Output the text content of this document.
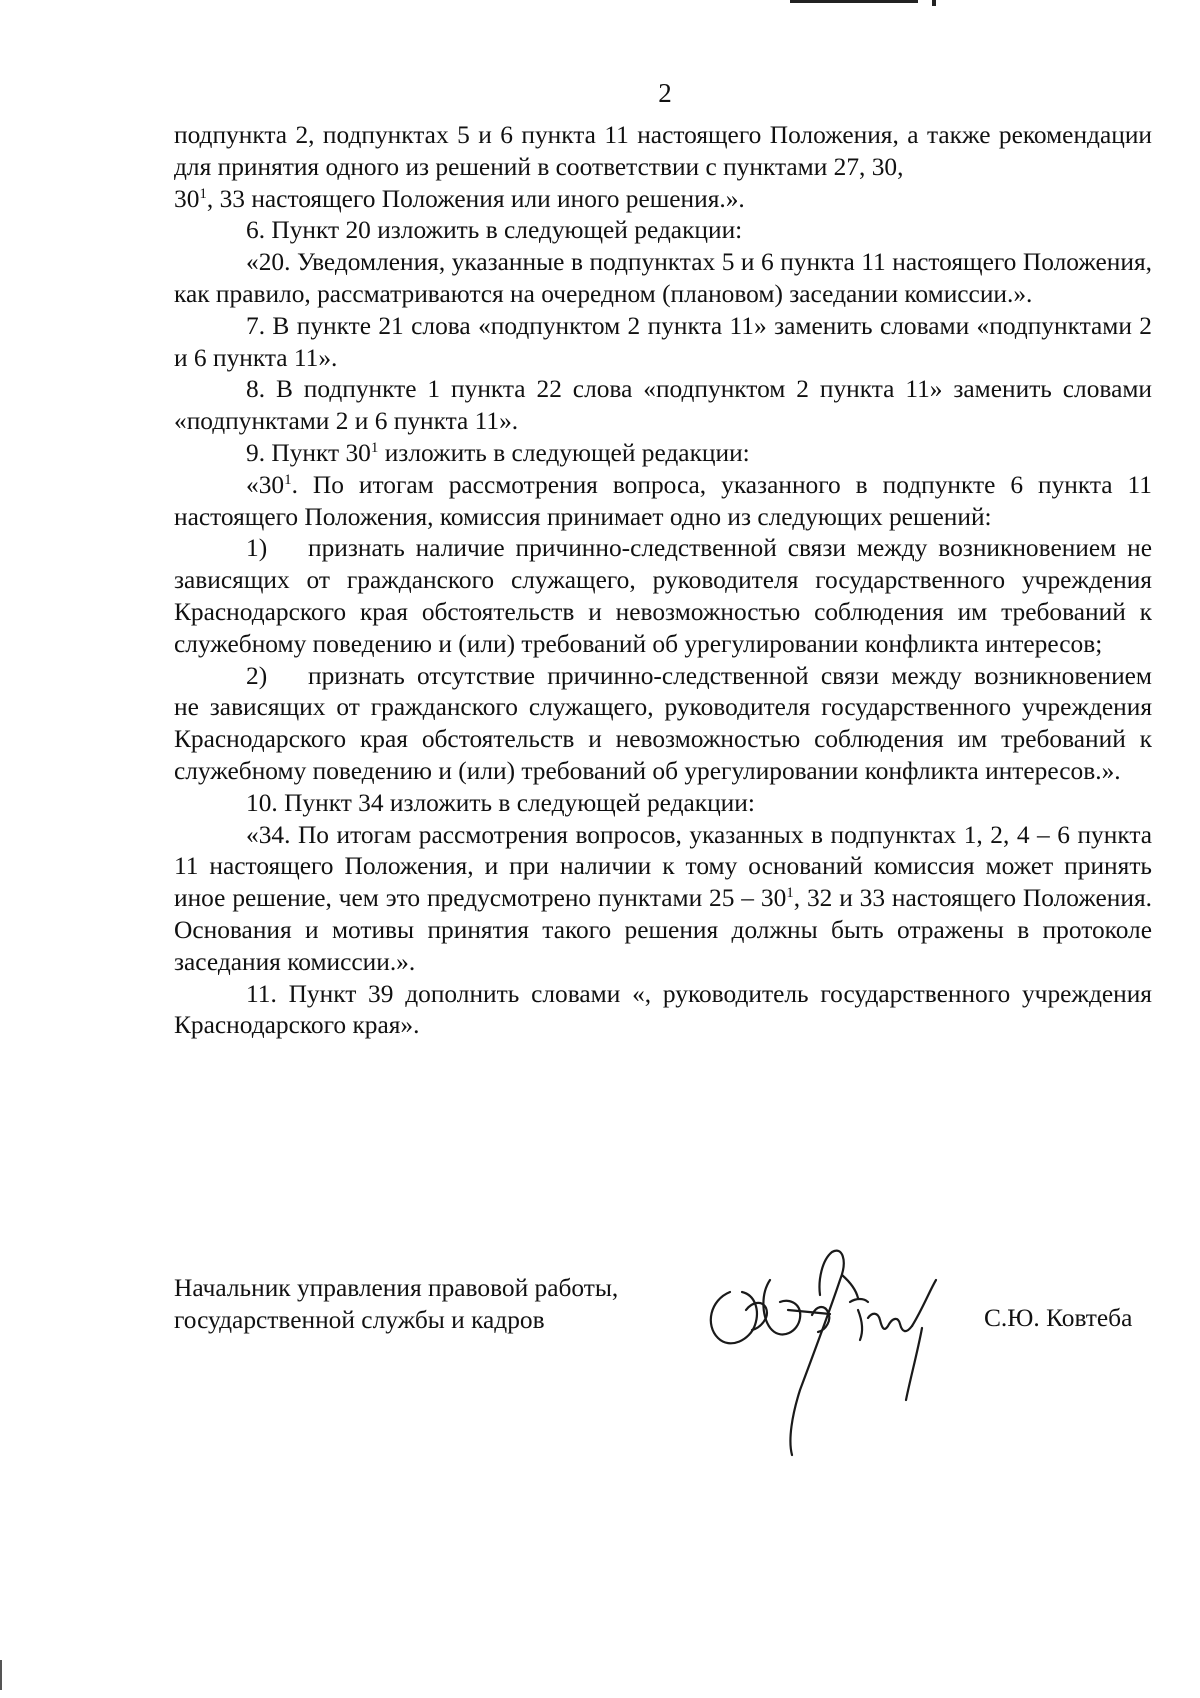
2

подпункта 2, подпунктах 5 и 6 пункта 11 настоящего Положения, а также рекомендации для принятия одного из решений в соответствии с пунктами 27, 30,
$30^1$, 33 настоящего Положения или иного решения.».

6. Пункт 20 изложить в следующей редакции:

«20. Уведомления, указанные в подпунктах 5 и 6 пункта 11 настоящего Положения, как правило, рассматриваются на очередном (плановом) заседании комиссии.».

7. В пункте 21 слова «подпунктом 2 пункта 11» заменить словами «подпунктами 2 и 6 пункта 11».

8. В подпункте 1 пункта 22 слова «подпунктом 2 пункта 11» заменить словами «подпунктами 2 и 6 пункта 11».

9. Пункт $30^1$ изложить в следующей редакции:

«$30^1$. По итогам рассмотрения вопроса, указанного в подпункте 6 пункта 11 настоящего Положения, комиссия принимает одно из следующих решений:

1) признать наличие причинно-следственной связи между возникновением не зависящих от гражданского служащего, руководителя государственного учреждения Краснодарского края обстоятельств и невозможностью соблюдения им требований к служебному поведению и (или) требований об урегулировании конфликта интересов;

2) признать отсутствие причинно-следственной связи между возникновением не зависящих от гражданского служащего, руководителя государственного учреждения Краснодарского края обстоятельств и невозможностью соблюдения им требований к служебному поведению и (или) требований об урегулировании конфликта интересов.».

10. Пункт 34 изложить в следующей редакции:

«34. По итогам рассмотрения вопросов, указанных в подпунктах 1, 2, 4 – 6 пункта 11 настоящего Положения, и при наличии к тому оснований комиссия может принять иное решение, чем это предусмотрено пунктами $25 - 30^1$, 32 и 33 настоящего Положения. Основания и мотивы принятия такого решения должны быть отражены в протоколе заседания комиссии.».

11. Пункт 39 дополнить словами «, руководитель государственного учреждения Краснодарского края».

Начальник управления правовой работы,
государственной службы и кадров	С.Ю. Ковтеба
